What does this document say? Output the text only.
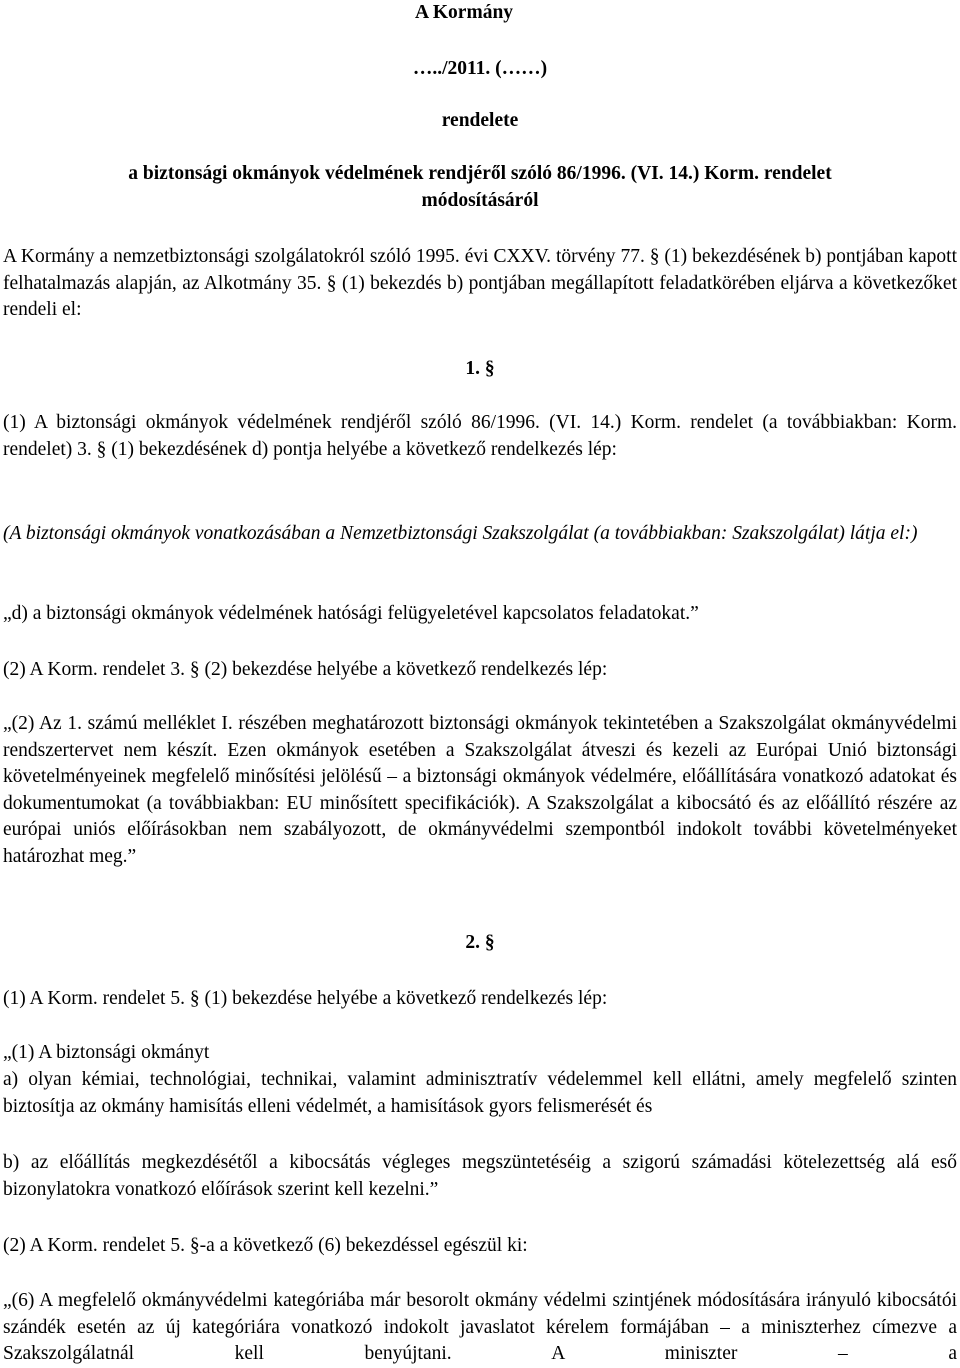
A Kormány

…../2011. (……)

rendelete

a biztonsági okmányok védelmének rendjéről szóló 86/1996. (VI. 14.) Korm. rendelet

módosításáról

A Kormány a nemzetbiztonsági szolgálatokról szóló 1995. évi CXXV. törvény 77. § (1) bekezdésének b) pontjában kapott felhatalmazás alapján, az Alkotmány 35. § (1) bekezdés b) pontjában megállapított feladatkörében eljárva a következőket rendeli el:

1. §

(1) A biztonsági okmányok védelmének rendjéről szóló 86/1996. (VI. 14.) Korm. rendelet (a továbbiakban: Korm. rendelet) 3. § (1) bekezdésének d) pontja helyébe a következő rendelkezés lép:

(A biztonsági okmányok vonatkozásában a Nemzetbiztonsági Szakszolgálat (a továbbiakban: Szakszolgálat) látja el:)

„d) a biztonsági okmányok védelmének hatósági felügyeletével kapcsolatos feladatokat.”

(2) A Korm. rendelet 3. § (2) bekezdése helyébe a következő rendelkezés lép:

„(2) Az 1. számú melléklet I. részében meghatározott biztonsági okmányok tekintetében a Szakszolgálat okmányvédelmi rendszertervet nem készít. Ezen okmányok esetében a Szakszolgálat átveszi és kezeli az Európai Unió biztonsági követelményeinek megfelelő minősítési jelölésű – a biztonsági okmányok védelmére, előállítására vonatkozó adatokat és dokumentumokat (a továbbiakban: EU minősített specifikációk). A Szakszolgálat a kibocsátó és az előállító részére az európai uniós előírásokban nem szabályozott, de okmányvédelmi szempontból indokolt további követelményeket határozhat meg.”

2. §

(1) A Korm. rendelet 5. § (1) bekezdése helyébe a következő rendelkezés lép:

„(1) A biztonsági okmányt

a) olyan kémiai, technológiai, technikai, valamint adminisztratív védelemmel kell ellátni, amely megfelelő szinten biztosítja az okmány hamisítás elleni védelmét, a hamisítások gyors felismerését és

b) az előállítás megkezdésétől a kibocsátás végleges megszüntetéséig a szigorú számadási kötelezettség alá eső bizonylatokra vonatkozó előírások szerint kell kezelni.”

(2) A Korm. rendelet 5. §-a a következő (6) bekezdéssel egészül ki:

„(6) A megfelelő okmányvédelmi kategóriába már besorolt okmány védelmi szintjének módosítására irányuló kibocsátói szándék esetén az új kategóriára vonatkozó indokolt javaslatot kérelem formájában – a miniszterhez címezve a Szakszolgálatnál kell benyújtani. A miniszter – a
